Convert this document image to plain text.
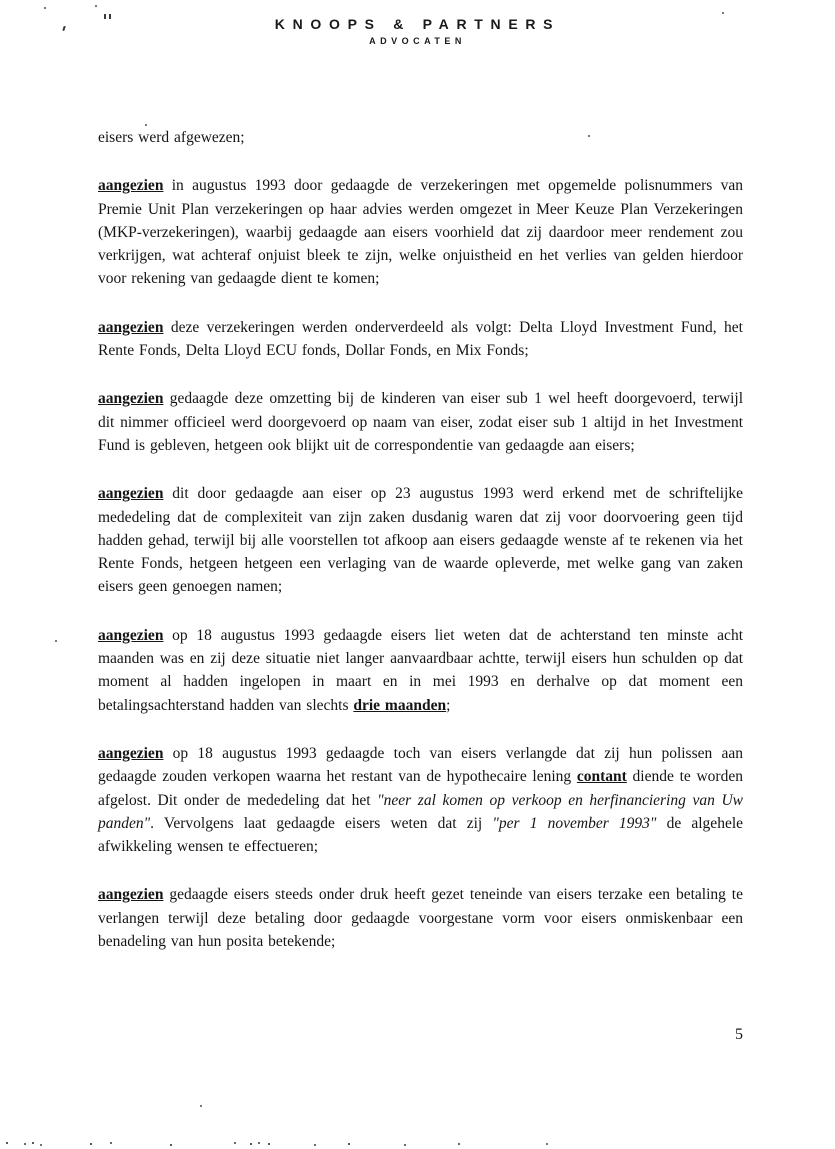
KNOOPS & PARTNERS
ADVOCATEN

eisers werd afgewezen;

aangezien in augustus 1993 door gedaagde de verzekeringen met opgemelde polisnummers van Premie Unit Plan verzekeringen op haar advies werden omgezet in Meer Keuze Plan Verzekeringen (MKP-verzekeringen), waarbij gedaagde aan eisers voorhield dat zij daardoor meer rendement zou verkrijgen, wat achteraf onjuist bleek te zijn, welke onjuistheid en het verlies van gelden hierdoor voor rekening van gedaagde dient te komen;

aangezien deze verzekeringen werden onderverdeeld als volgt: Delta Lloyd Investment Fund, het Rente Fonds, Delta Lloyd ECU fonds, Dollar Fonds, en Mix Fonds;

aangezien gedaagde deze omzetting bij de kinderen van eiser sub 1 wel heeft doorgevoerd, terwijl dit nimmer officieel werd doorgevoerd op naam van eiser, zodat eiser sub 1 altijd in het Investment Fund is gebleven, hetgeen ook blijkt uit de correspondentie van gedaagde aan eisers;

aangezien dit door gedaagde aan eiser op 23 augustus 1993 werd erkend met de schriftelijke mededeling dat de complexiteit van zijn zaken dusdanig waren dat zij voor doorvoering geen tijd hadden gehad, terwijl bij alle voorstellen tot afkoop aan eisers gedaagde wenste af te rekenen via het Rente Fonds, hetgeen hetgeen een verlaging van de waarde opleverde, met welke gang van zaken eisers geen genoegen namen;

aangezien op 18 augustus 1993 gedaagde eisers liet weten dat de achterstand ten minste acht maanden was en zij deze situatie niet langer aanvaardbaar achtte, terwijl eisers hun schulden op dat moment al hadden ingelopen in maart en in mei 1993 en derhalve op dat moment een betalingsachterstand hadden van slechts drie maanden;

aangezien op 18 augustus 1993 gedaagde toch van eisers verlangde dat zij hun polissen aan gedaagde zouden verkopen waarna het restant van de hypothecaire lening contant diende te worden afgelost. Dit onder de mededeling dat het "neer zal komen op verkoop en herfinanciering van Uw panden". Vervolgens laat gedaagde eisers weten dat zij "per 1 november 1993" de algehele afwikkeling wensen te effectueren;

aangezien gedaagde eisers steeds onder druk heeft gezet teneinde van eisers terzake een betaling te verlangen terwijl deze betaling door gedaagde voorgestane vorm voor eisers onmiskenbaar een benadeling van hun posita betekende;

5
